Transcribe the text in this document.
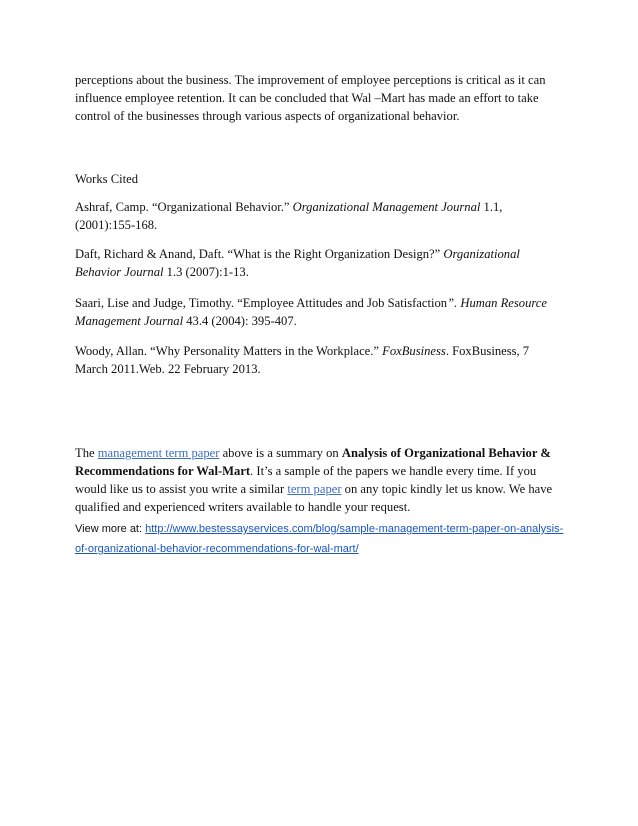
perceptions about the business. The improvement of employee perceptions is critical as it can
influence employee retention. It can be concluded that Wal –Mart has made an effort to take
control of the businesses through various aspects of organizational behavior.
Works Cited
Ashraf, Camp. “Organizational Behavior.” Organizational Management Journal 1.1,
(2001):155-168.
Daft, Richard & Anand, Daft. “What is the Right Organization Design?” Organizational
Behavior Journal 1.3 (2007):1-13.
Saari, Lise and Judge, Timothy. “Employee Attitudes and Job Satisfaction”. Human Resource
Management Journal 43.4 (2004): 395-407.
Woody, Allan. “Why Personality Matters in the Workplace.” FoxBusiness. FoxBusiness, 7
March 2011.Web. 22 February 2013.
The management term paper above is a summary on Analysis of Organizational Behavior &
Recommendations for Wal-Mart. It’s a sample of the papers we handle every time. If you
would like us to assist you write a similar term paper on any topic kindly let us know. We have
qualified and experienced writers available to handle your request.
View more at: http://www.bestessayservices.com/blog/sample-management-term-paper-on-analysis-
of-organizational-behavior-recommendations-for-wal-mart/
